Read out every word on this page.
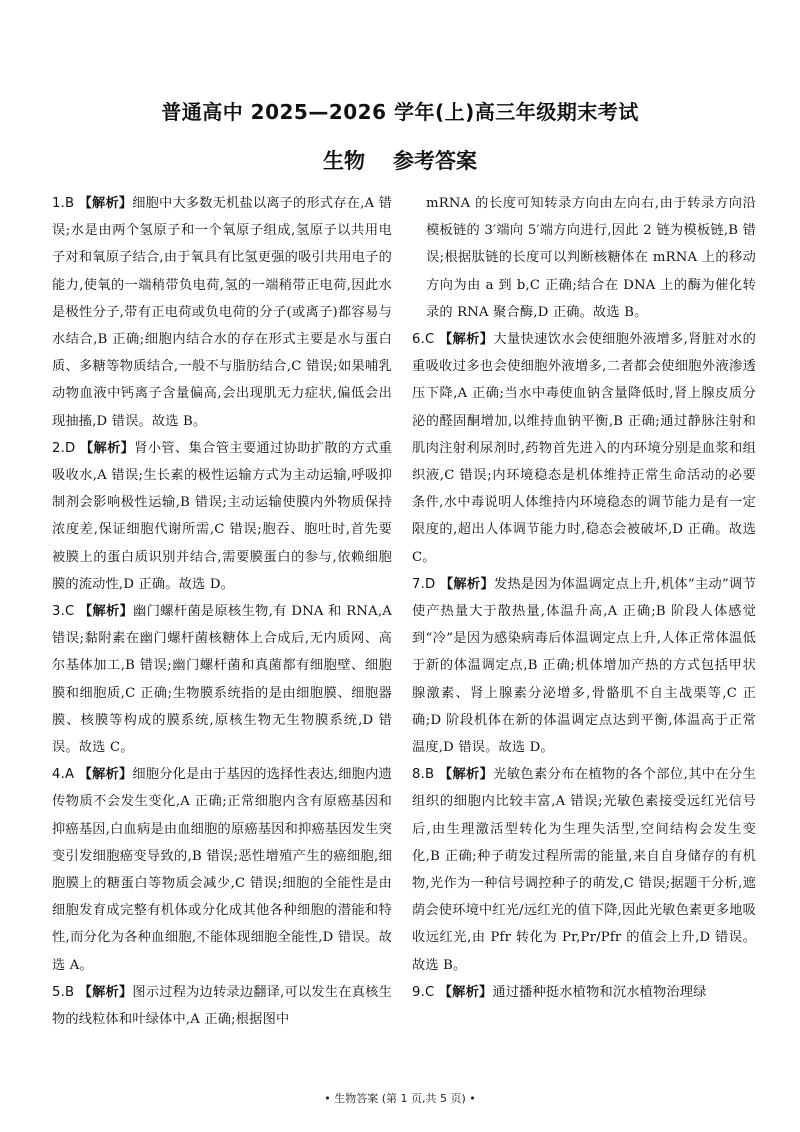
普通高中 2025—2026 学年(上)高三年级期末考试
生物 参考答案

1.B 【解析】细胞中大多数无机盐以离子的形式存在,A 错误;水是由两个氢原子和一个氧原子组成,氢原子以共用电子对和氧原子结合,由于氧具有比氢更强的吸引共用电子的能力,使氧的一端稍带负电荷,氢的一端稍带正电荷,因此水是极性分子,带有正电荷或负电荷的分子(或离子)都容易与水结合,B 正确;细胞内结合水的存在形式主要是水与蛋白质、多糖等物质结合,一般不与脂肪结合,C 错误;如果哺乳动物血液中钙离子含量偏高,会出现肌无力症状,偏低会出现抽搐,D 错误。故选 B。

2.D 【解析】肾小管、集合管主要通过协助扩散的方式重吸收水,A 错误;生长素的极性运输方式为主动运输,呼吸抑制剂会影响极性运输,B 错误;主动运输使膜内外物质保持浓度差,保证细胞代谢所需,C 错误;胞吞、胞吐时,首先要被膜上的蛋白质识别并结合,需要膜蛋白的参与,依赖细胞膜的流动性,D 正确。故选 D。

3.C 【解析】幽门螺杆菌是原核生物,有 DNA 和 RNA,A 错误;黏附素在幽门螺杆菌核糖体上合成后,无内质网、高尔基体加工,B 错误;幽门螺杆菌和真菌都有细胞壁、细胞膜和细胞质,C 正确;生物膜系统指的是由细胞膜、细胞器膜、核膜等构成的膜系统,原核生物无生物膜系统,D 错误。故选 C。

4.A 【解析】细胞分化是由于基因的选择性表达,细胞内遗传物质不会发生变化,A 正确;正常细胞内含有原癌基因和抑癌基因,白血病是由血细胞的原癌基因和抑癌基因发生突变引发细胞癌变导致的,B 错误;恶性增殖产生的癌细胞,细胞膜上的糖蛋白等物质会减少,C 错误;细胞的全能性是由细胞发育成完整有机体或分化成其他各种细胞的潜能和特性,而分化为各种血细胞,不能体现细胞全能性,D 错误。故选 A。

5.B 【解析】图示过程为边转录边翻译,可以发生在真核生物的线粒体和叶绿体中,A 正确;根据图中

mRNA 的长度可知转录方向由左向右,由于转录方向沿模板链的 3′端向 5′端方向进行,因此 2 链为模板链,B 错误;根据肽链的长度可以判断核糖体在 mRNA 上的移动方向为由 a 到 b,C 正确;结合在 DNA 上的酶为催化转录的 RNA 聚合酶,D 正确。故选 B。

6.C 【解析】大量快速饮水会使细胞外液增多,肾脏对水的重吸收过多也会使细胞外液增多,二者都会使细胞外液渗透压下降,A 正确;当水中毒使血钠含量降低时,肾上腺皮质分泌的醛固酮增加,以维持血钠平衡,B 正确;通过静脉注射和肌肉注射利尿剂时,药物首先进入的内环境分别是血浆和组织液,C 错误;内环境稳态是机体维持正常生命活动的必要条件,水中毒说明人体维持内环境稳态的调节能力是有一定限度的,超出人体调节能力时,稳态会被破坏,D 正确。故选 C。

7.D 【解析】发热是因为体温调定点上升,机体“主动”调节使产热量大于散热量,体温升高,A 正确;B 阶段人体感觉到“冷”是因为感染病毒后体温调定点上升,人体正常体温低于新的体温调定点,B 正确;机体增加产热的方式包括甲状腺激素、肾上腺素分泌增多,骨骼肌不自主战栗等,C 正确;D 阶段机体在新的体温调定点达到平衡,体温高于正常温度,D 错误。故选 D。

8.B 【解析】光敏色素分布在植物的各个部位,其中在分生组织的细胞内比较丰富,A 错误;光敏色素接受远红光信号后,由生理激活型转化为生理失活型,空间结构会发生变化,B 正确;种子萌发过程所需的能量,来自自身储存的有机物,光作为一种信号调控种子的萌发,C 错误;据题干分析,遮荫会使环境中红光/远红光的值下降,因此光敏色素更多地吸收远红光,由 Pfr 转化为 Pr,Pr/Pfr 的值会上升,D 错误。故选 B。

9.C 【解析】通过播种挺水植物和沉水植物治理绿

• 生物答案 (第 1 页,共 5 页) •
